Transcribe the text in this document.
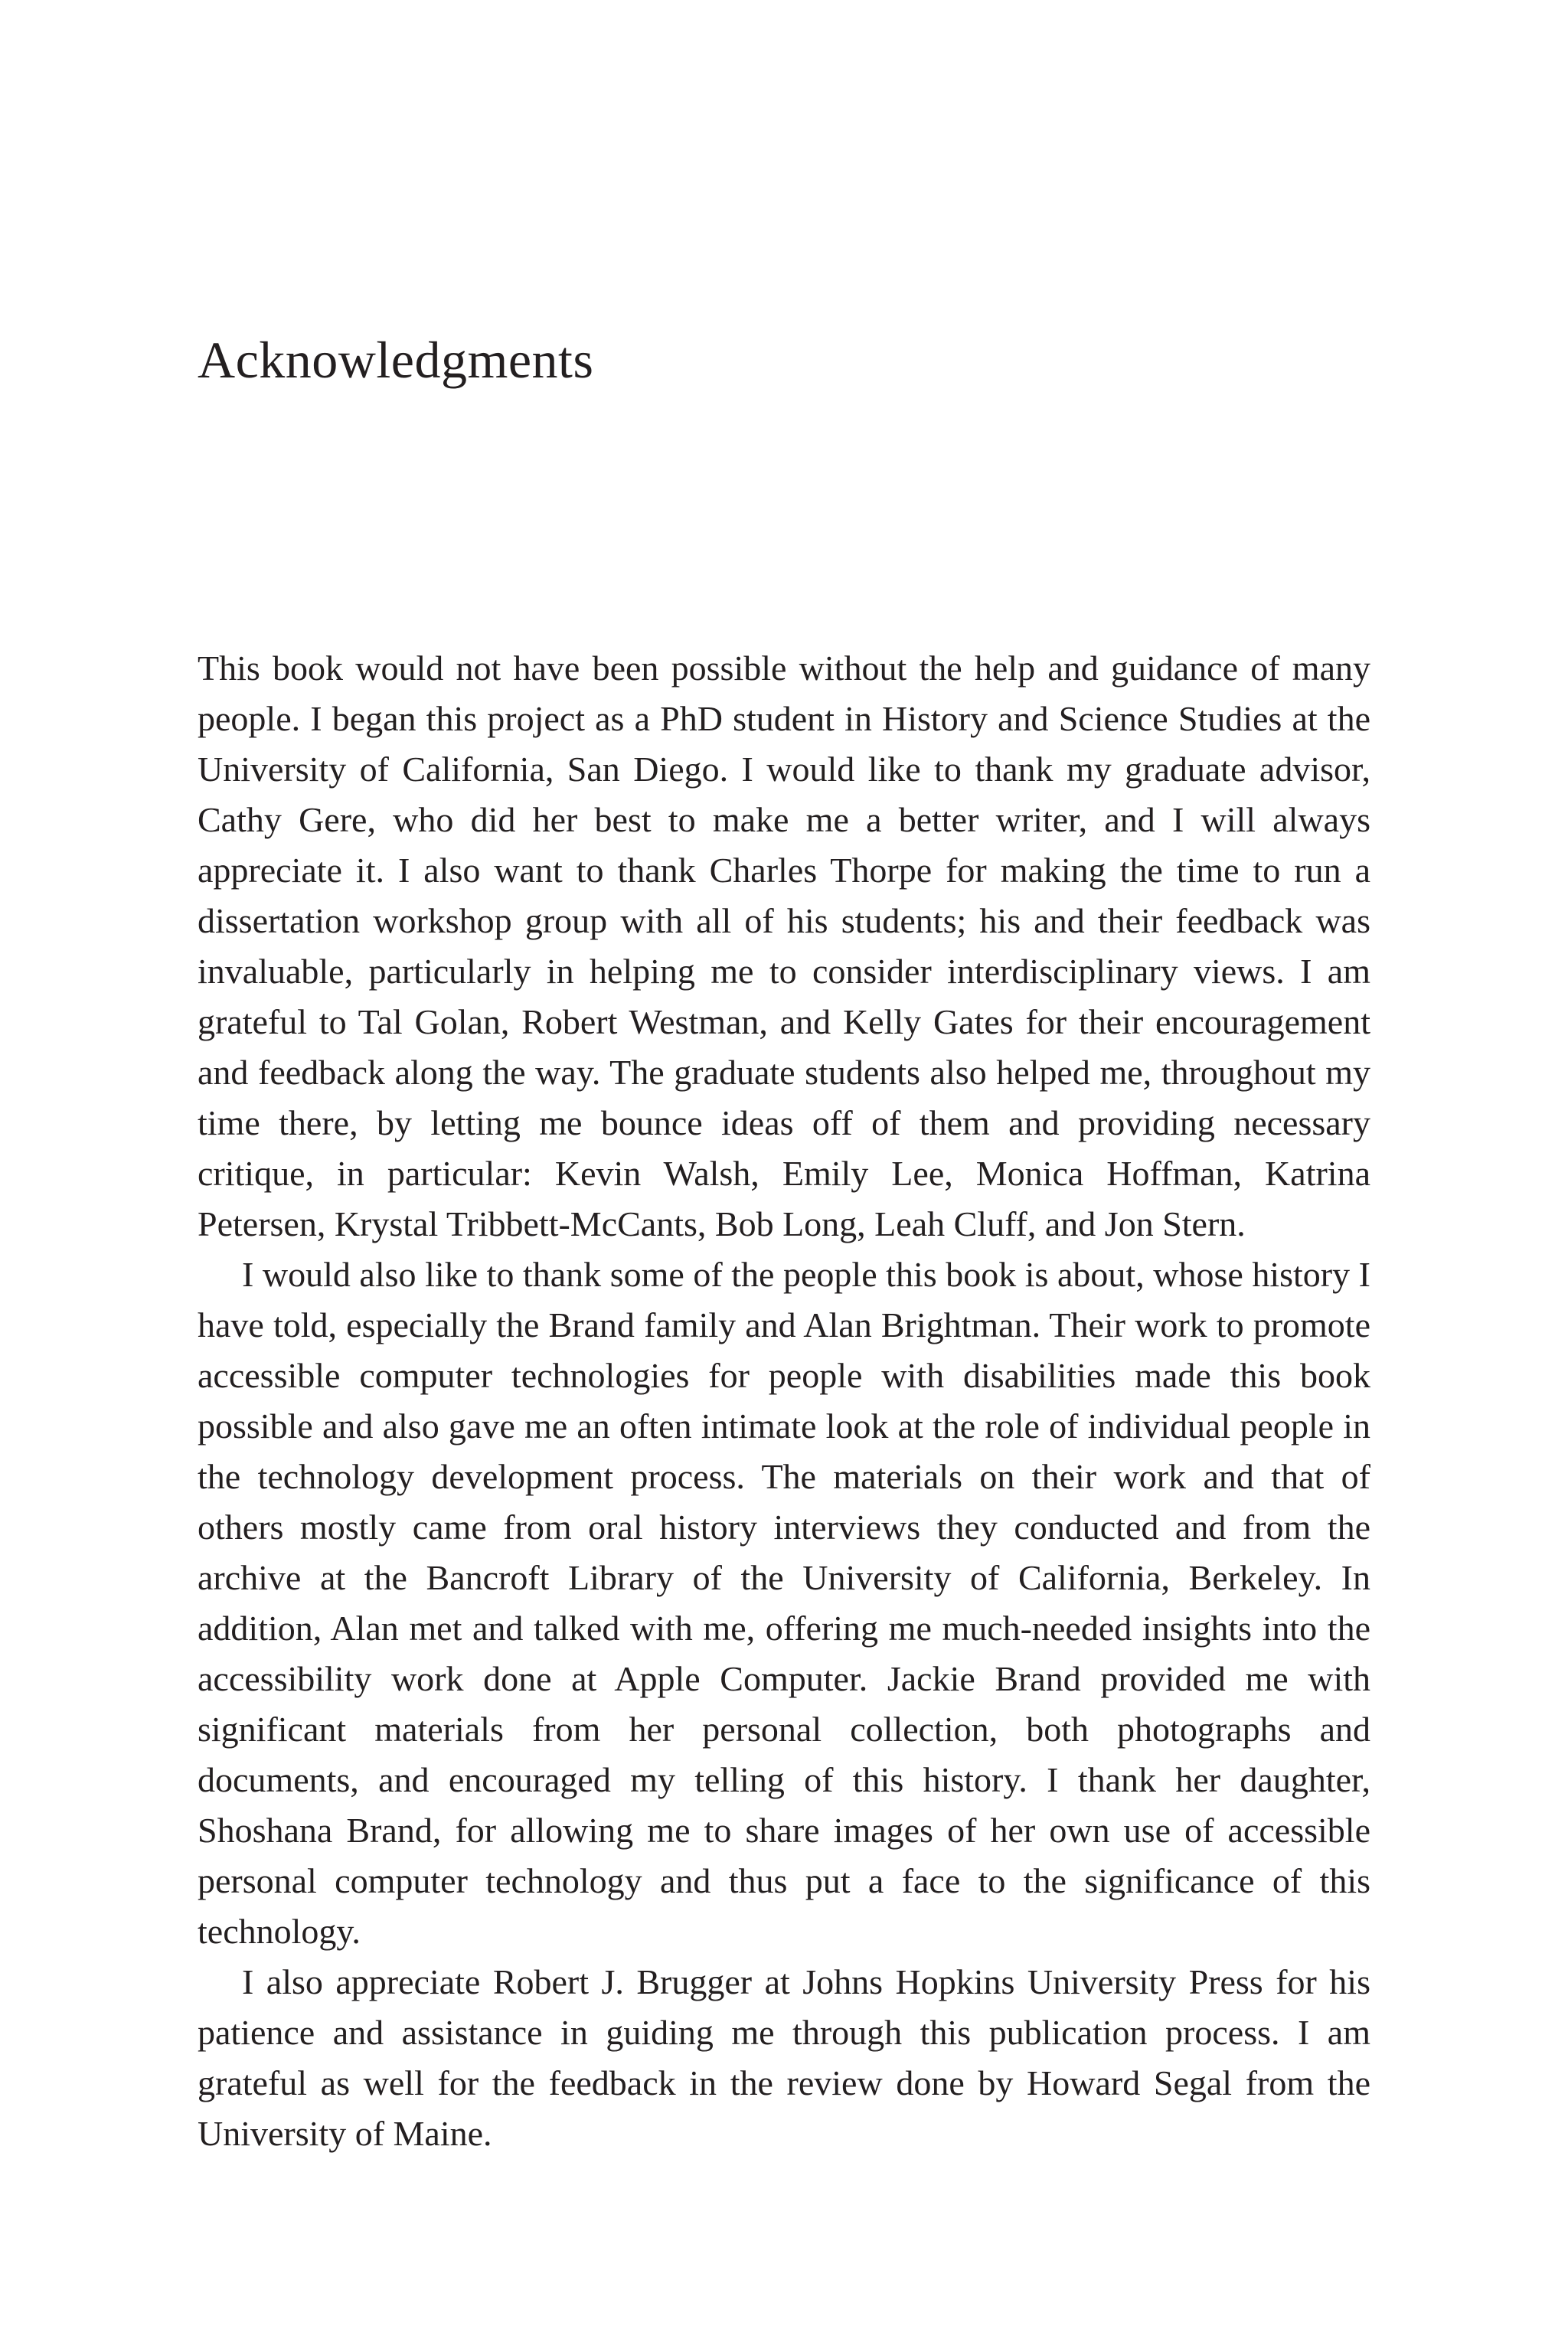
Acknowledgments

This book would not have been possible without the help and guidance of many people. I began this project as a PhD student in History and Science Studies at the University of California, San Diego. I would like to thank my graduate advisor, Cathy Gere, who did her best to make me a better writer, and I will always appreciate it. I also want to thank Charles Thorpe for making the time to run a dissertation workshop group with all of his students; his and their feedback was invaluable, particularly in helping me to consider interdisciplinary views. I am grateful to Tal Golan, Robert Westman, and Kelly Gates for their encouragement and feedback along the way. The graduate students also helped me, throughout my time there, by letting me bounce ideas off of them and providing necessary critique, in particular: Kevin Walsh, Emily Lee, Monica Hoffman, Katrina Petersen, Krystal Tribbett-McCants, Bob Long, Leah Cluff, and Jon Stern.

I would also like to thank some of the people this book is about, whose history I have told, especially the Brand family and Alan Brightman. Their work to promote accessible computer technologies for people with disabilities made this book possible and also gave me an often intimate look at the role of individual people in the technology development process. The materials on their work and that of others mostly came from oral history interviews they conducted and from the archive at the Bancroft Library of the University of California, Berkeley. In addition, Alan met and talked with me, offering me much-needed insights into the accessibility work done at Apple Computer. Jackie Brand provided me with significant materials from her personal collection, both photographs and documents, and encouraged my telling of this history. I thank her daughter, Shoshana Brand, for allowing me to share images of her own use of accessible personal computer technology and thus put a face to the significance of this technology.

I also appreciate Robert J. Brugger at Johns Hopkins University Press for his patience and assistance in guiding me through this publication process. I am grateful as well for the feedback in the review done by Howard Segal from the University of Maine.
